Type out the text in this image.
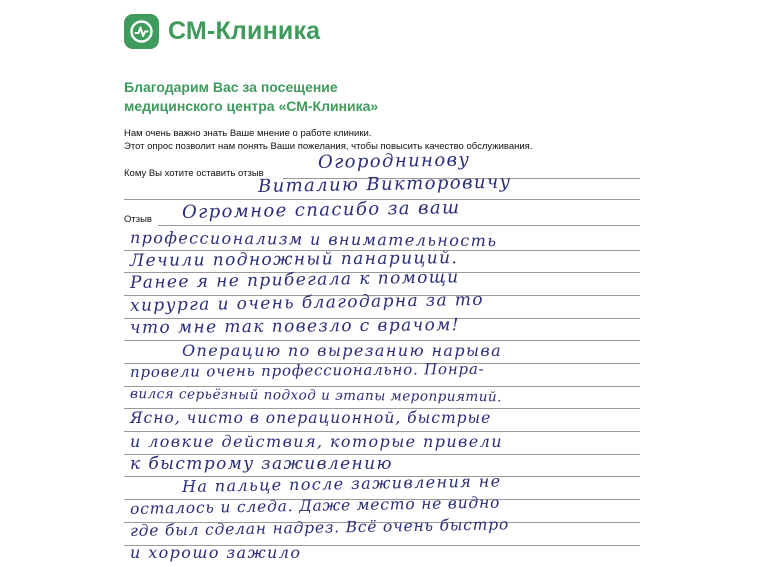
СМ-Клиника
Благодарим Вас за посещение
медицинского центра «СМ-Клиника»
Нам очень важно знать Ваше мнение о работе клиники.
Этот опрос позволит нам понять Ваши пожелания, чтобы повысить качество обслуживания.
Кому Вы хотите оставить отзыв
Отзыв
Огороднинову
Виталию Викторовичу
Огромное спасибо за ваш
профессионализм и внимательность
Лечили подножный панариций.
Ранее я не прибегала к помощи
хирурга и очень благодарна за то
что мне так повезло с врачом!
Операцию по вырезанию нарыва
провели очень профессионально. Понра-
вился серьёзный подход и этапы мероприятий.
Ясно, чисто в операционной, быстрые
и ловкие действия, которые привели
к быстрому заживлению
На пальце после заживления не
осталось и следа. Даже место не видно
где был сделан надрез. Всё очень быстро
и хорошо зажило
